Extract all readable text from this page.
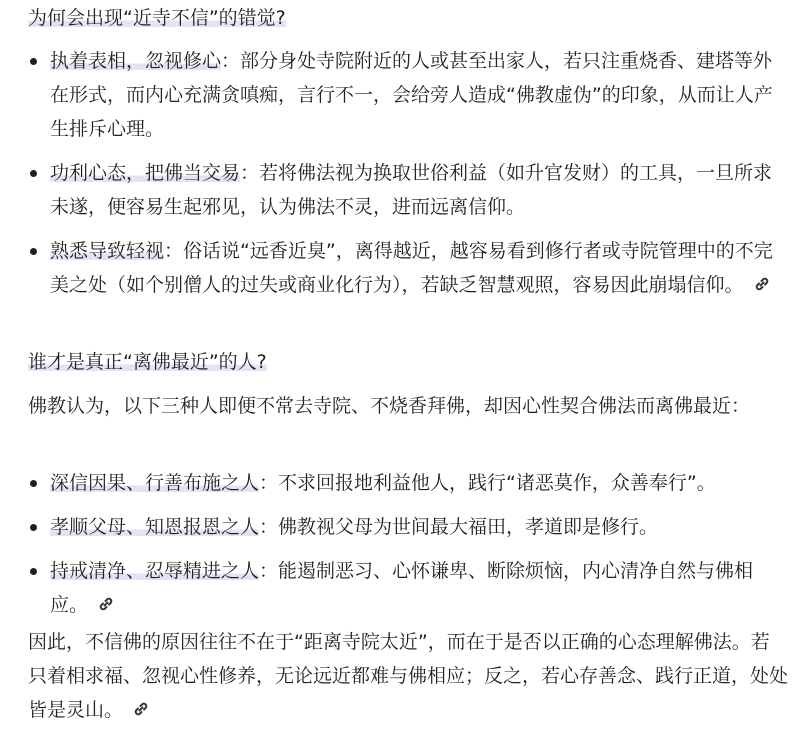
为何会出现“近寺不信”的错觉?
执着表相，忽视修心：部分身处寺院附近的人或甚至出家人，若只注重烧香、建塔等外在形式，而内心充满贪嗔痴，言行不一，会给旁人造成“佛教虚伪”的印象，从而让人产生排斥心理。
功利心态，把佛当交易：若将佛法视为换取世俗利益（如升官发财）的工具，一旦所求未遂，便容易生起邪见，认为佛法不灵，进而远离信仰。
熟悉导致轻视：俗话说“远香近臭”，离得越近，越容易看到修行者或寺院管理中的不完美之处（如个别僧人的过失或商业化行为），若缺乏智慧观照，容易因此崩塌信仰。
谁才是真正“离佛最近”的人?
佛教认为，以下三种人即便不常去寺院、不烧香拜佛，却因心性契合佛法而离佛最近：
深信因果、行善布施之人：不求回报地利益他人，践行“诸恶莫作，众善奉行”。
孝顺父母、知恩报恩之人：佛教视父母为世间最大福田，孝道即是修行。
持戒清净、忍辱精进之人：能遏制恶习、心怀谦卑、断除烦恼，内心清净自然与佛相应。
因此，不信佛的原因往往不在于“距离寺院太近”，而在于是否以正确的心态理解佛法。若只着相求福、忽视心性修养，无论远近都难与佛相应；反之，若心存善念、践行正道，处处皆是灵山。
